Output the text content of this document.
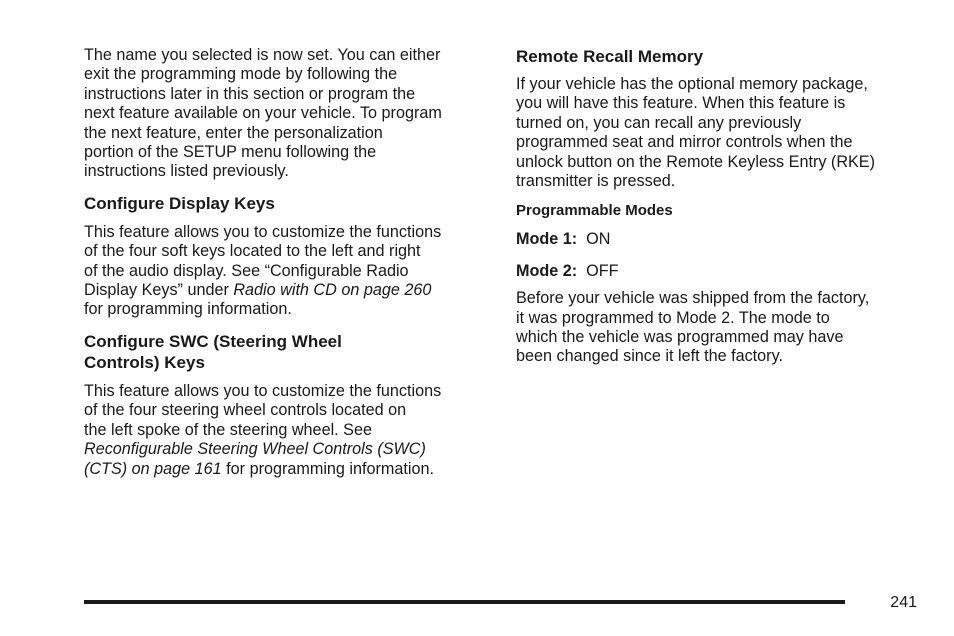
The name you selected is now set. You can either
exit the programming mode by following the
instructions later in this section or program the
next feature available on your vehicle. To program
the next feature, enter the personalization
portion of the SETUP menu following the
instructions listed previously.

Configure Display Keys

This feature allows you to customize the functions
of the four soft keys located to the left and right
of the audio display. See “Configurable Radio
Display Keys” under Radio with CD on page 260
for programming information.

Configure SWC (Steering Wheel
Controls) Keys

This feature allows you to customize the functions
of the four steering wheel controls located on
the left spoke of the steering wheel. See
Reconfigurable Steering Wheel Controls (SWC)
(CTS) on page 161 for programming information.

Remote Recall Memory

If your vehicle has the optional memory package,
you will have this feature. When this feature is
turned on, you can recall any previously
programmed seat and mirror controls when the
unlock button on the Remote Keyless Entry (RKE)
transmitter is pressed.

Programmable Modes

Mode 1: ON

Mode 2: OFF

Before your vehicle was shipped from the factory,
it was programmed to Mode 2. The mode to
which the vehicle was programmed may have
been changed since it left the factory.

241
